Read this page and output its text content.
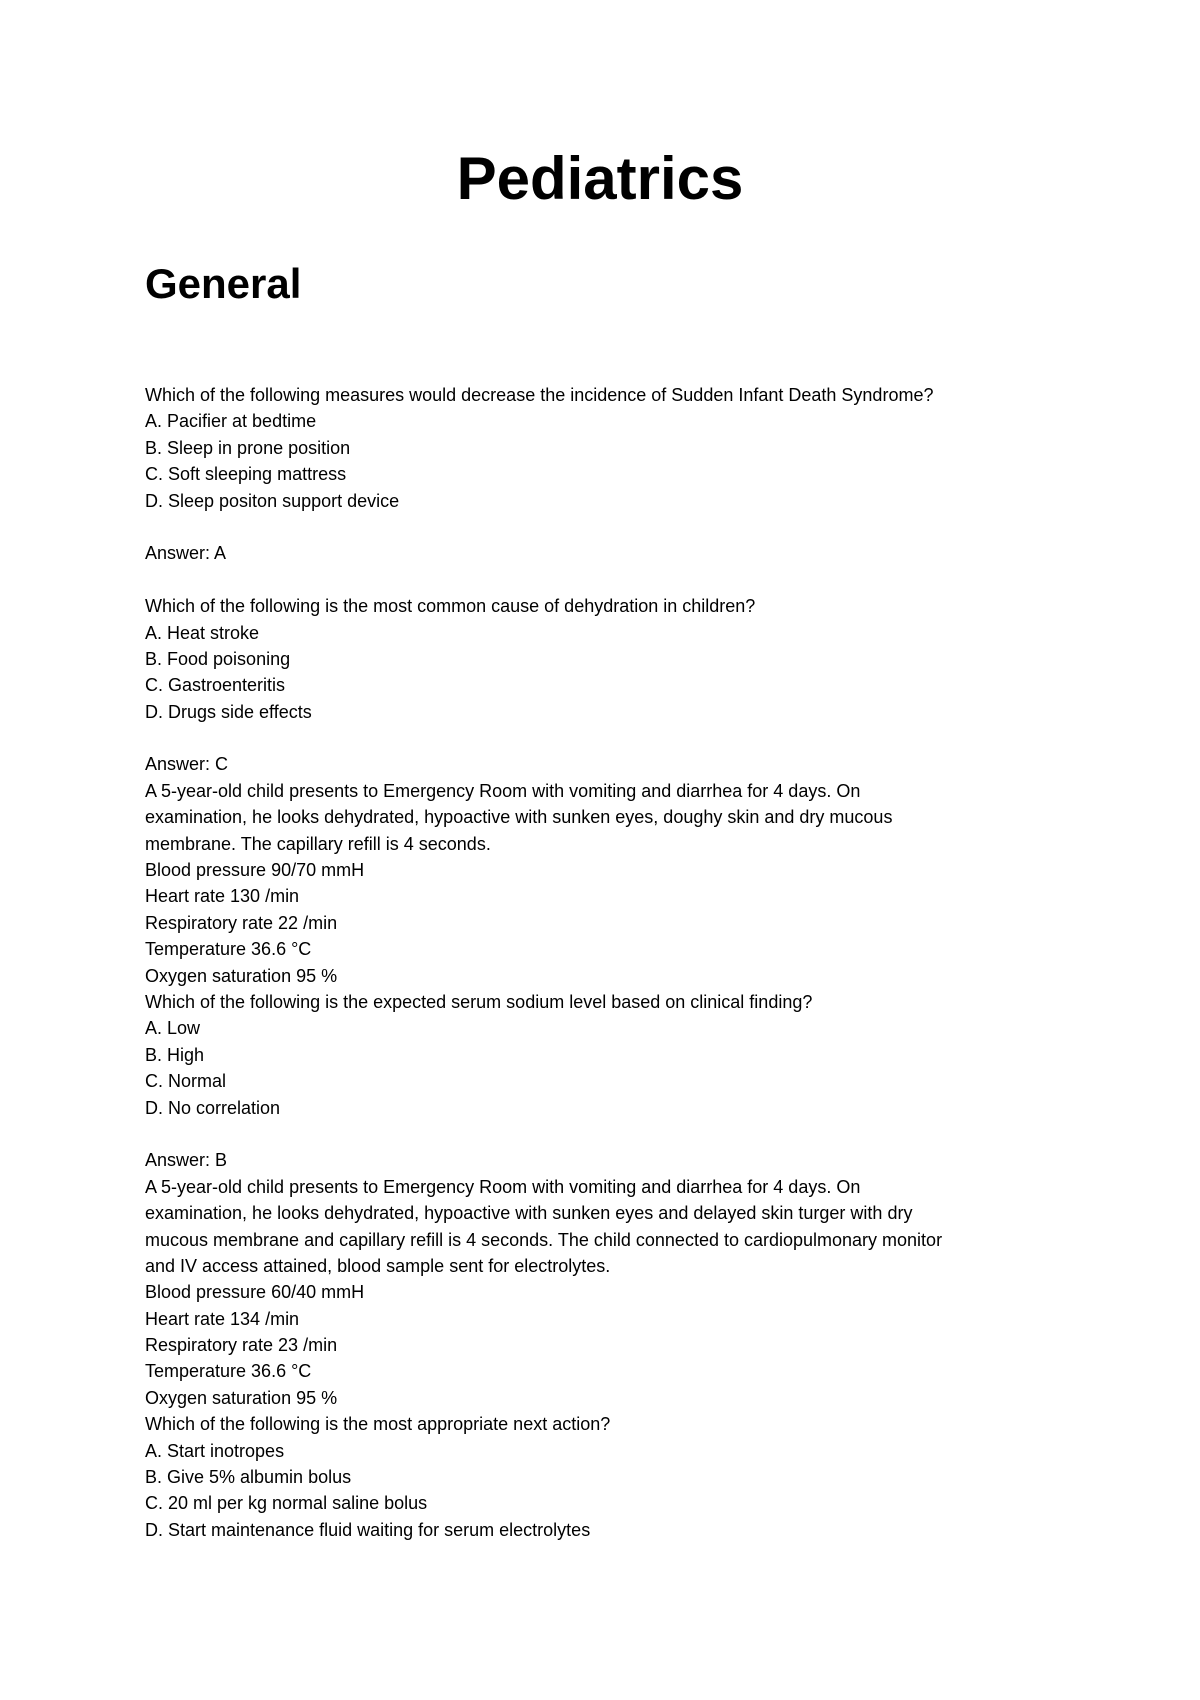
Pediatrics
General
Which of the following measures would decrease the incidence of Sudden Infant Death Syndrome?
A. Pacifier at bedtime
B. Sleep in prone position
C. Soft sleeping mattress
D. Sleep positon support device
Answer: A
Which of the following is the most common cause of dehydration in children?
A. Heat stroke
B. Food poisoning
C. Gastroenteritis
D. Drugs side effects
Answer: C
A 5-year-old child presents to Emergency Room with vomiting and diarrhea for 4 days. On
examination, he looks dehydrated, hypoactive with sunken eyes, doughy skin and dry mucous
membrane. The capillary refill is 4 seconds.
Blood pressure 90/70 mmH
Heart rate 130 /min
Respiratory rate 22 /min
Temperature 36.6 °C
Oxygen saturation 95 %
Which of the following is the expected serum sodium level based on clinical finding?
A. Low
B. High
C. Normal
D. No correlation
Answer: B
A 5-year-old child presents to Emergency Room with vomiting and diarrhea for 4 days. On
examination, he looks dehydrated, hypoactive with sunken eyes and delayed skin turger with dry
mucous membrane and capillary refill is 4 seconds. The child connected to cardiopulmonary monitor
and IV access attained, blood sample sent for electrolytes.
Blood pressure 60/40 mmH
Heart rate 134 /min
Respiratory rate 23 /min
Temperature 36.6 °C
Oxygen saturation 95 %
Which of the following is the most appropriate next action?
A. Start inotropes
B. Give 5% albumin bolus
C. 20 ml per kg normal saline bolus
D. Start maintenance fluid waiting for serum electrolytes
